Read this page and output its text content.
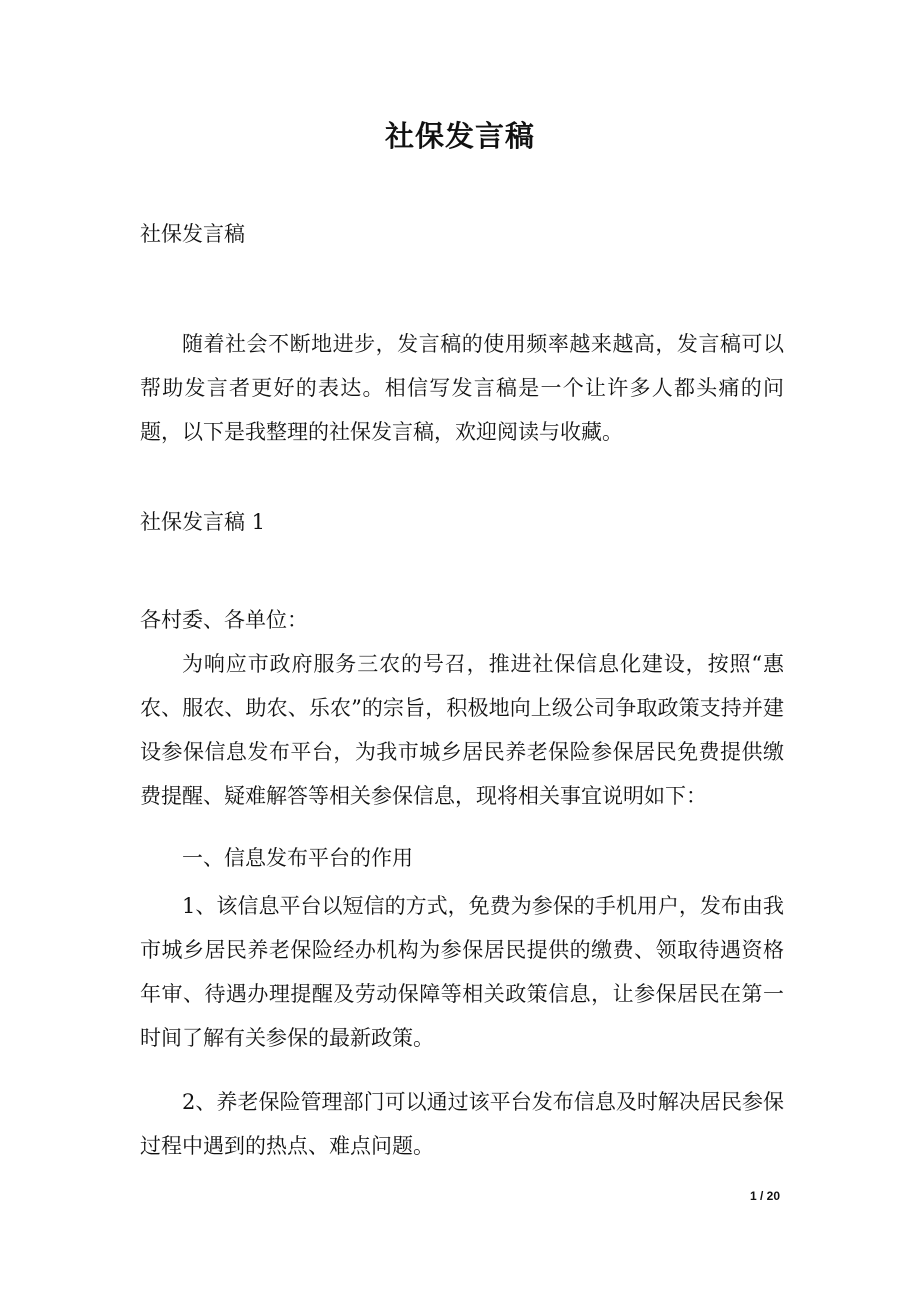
社保发言稿

社保发言稿

随着社会不断地进步，发言稿的使用频率越来越高，发言稿可以帮助发言者更好的表达。相信写发言稿是一个让许多人都头痛的问题，以下是我整理的社保发言稿，欢迎阅读与收藏。

社保发言稿 1

各村委、各单位：

为响应市政府服务三农的号召，推进社保信息化建设，按照“惠农、服农、助农、乐农”的宗旨，积极地向上级公司争取政策支持并建设参保信息发布平台，为我市城乡居民养老保险参保居民免费提供缴费提醒、疑难解答等相关参保信息，现将相关事宜说明如下：

一、信息发布平台的作用

1、该信息平台以短信的方式，免费为参保的手机用户，发布由我市城乡居民养老保险经办机构为参保居民提供的缴费、领取待遇资格年审、待遇办理提醒及劳动保障等相关政策信息，让参保居民在第一时间了解有关参保的最新政策。

2、养老保险管理部门可以通过该平台发布信息及时解决居民参保过程中遇到的热点、难点问题。

1 / 20
